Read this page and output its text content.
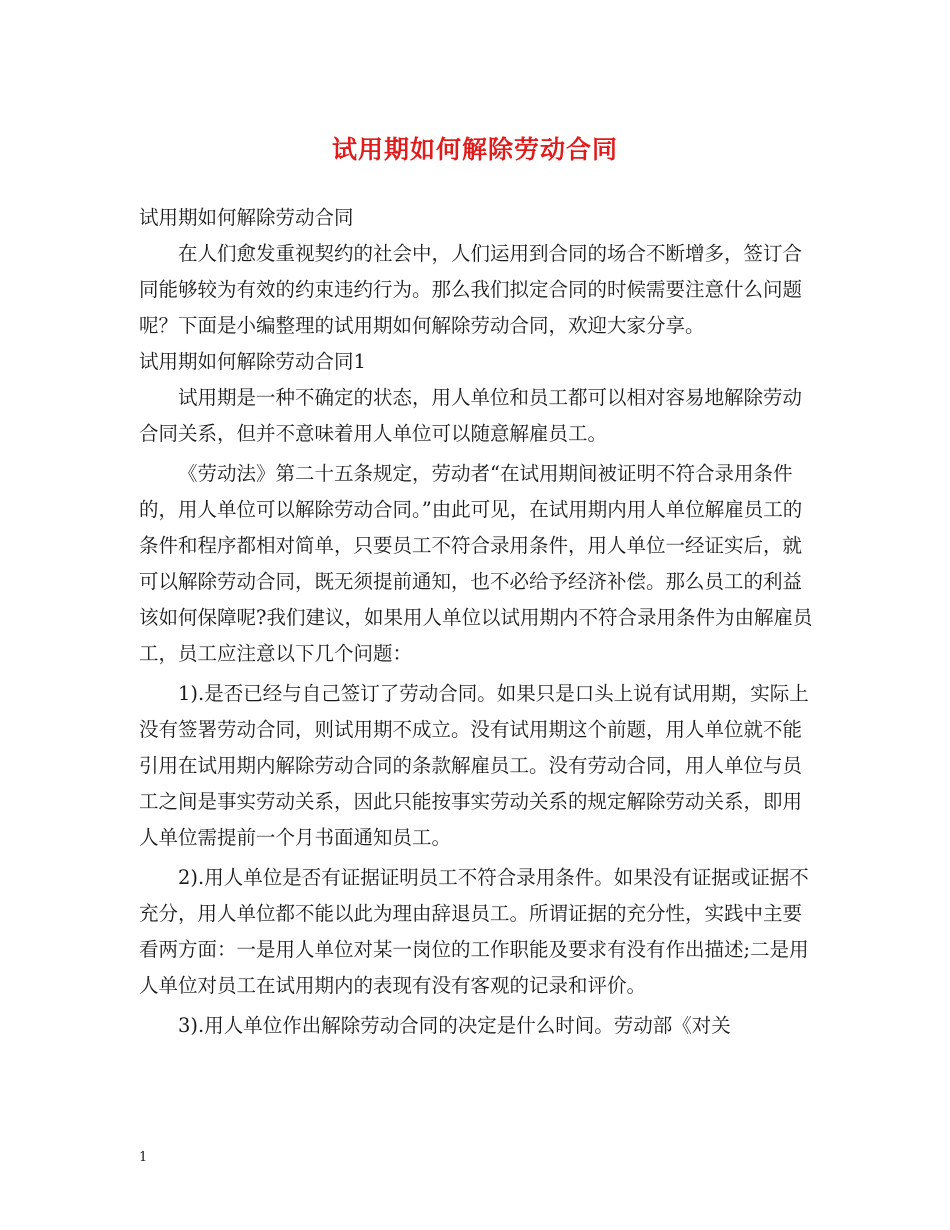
试用期如何解除劳动合同

试用期如何解除劳动合同

在人们愈发重视契约的社会中，人们运用到合同的场合不断增多，签订合同能够较为有效的约束违约行为。那么我们拟定合同的时候需要注意什么问题呢？下面是小编整理的试用期如何解除劳动合同，欢迎大家分享。

试用期如何解除劳动合同1

试用期是一种不确定的状态，用人单位和员工都可以相对容易地解除劳动合同关系，但并不意味着用人单位可以随意解雇员工。

《劳动法》第二十五条规定，劳动者“在试用期间被证明不符合录用条件的，用人单位可以解除劳动合同。”由此可见，在试用期内用人单位解雇员工的条件和程序都相对简单，只要员工不符合录用条件，用人单位一经证实后，就可以解除劳动合同，既无须提前通知，也不必给予经济补偿。那么员工的利益该如何保障呢?我们建议，如果用人单位以试用期内不符合录用条件为由解雇员工，员工应注意以下几个问题：

1).是否已经与自己签订了劳动合同。如果只是口头上说有试用期，实际上没有签署劳动合同，则试用期不成立。没有试用期这个前题，用人单位就不能引用在试用期内解除劳动合同的条款解雇员工。没有劳动合同，用人单位与员工之间是事实劳动关系，因此只能按事实劳动关系的规定解除劳动关系，即用人单位需提前一个月书面通知员工。

2).用人单位是否有证据证明员工不符合录用条件。如果没有证据或证据不充分，用人单位都不能以此为理由辞退员工。所谓证据的充分性，实践中主要看两方面：一是用人单位对某一岗位的工作职能及要求有没有作出描述;二是用人单位对员工在试用期内的表现有没有客观的记录和评价。

3).用人单位作出解除劳动合同的决定是什么时间。劳动部《对关

1
